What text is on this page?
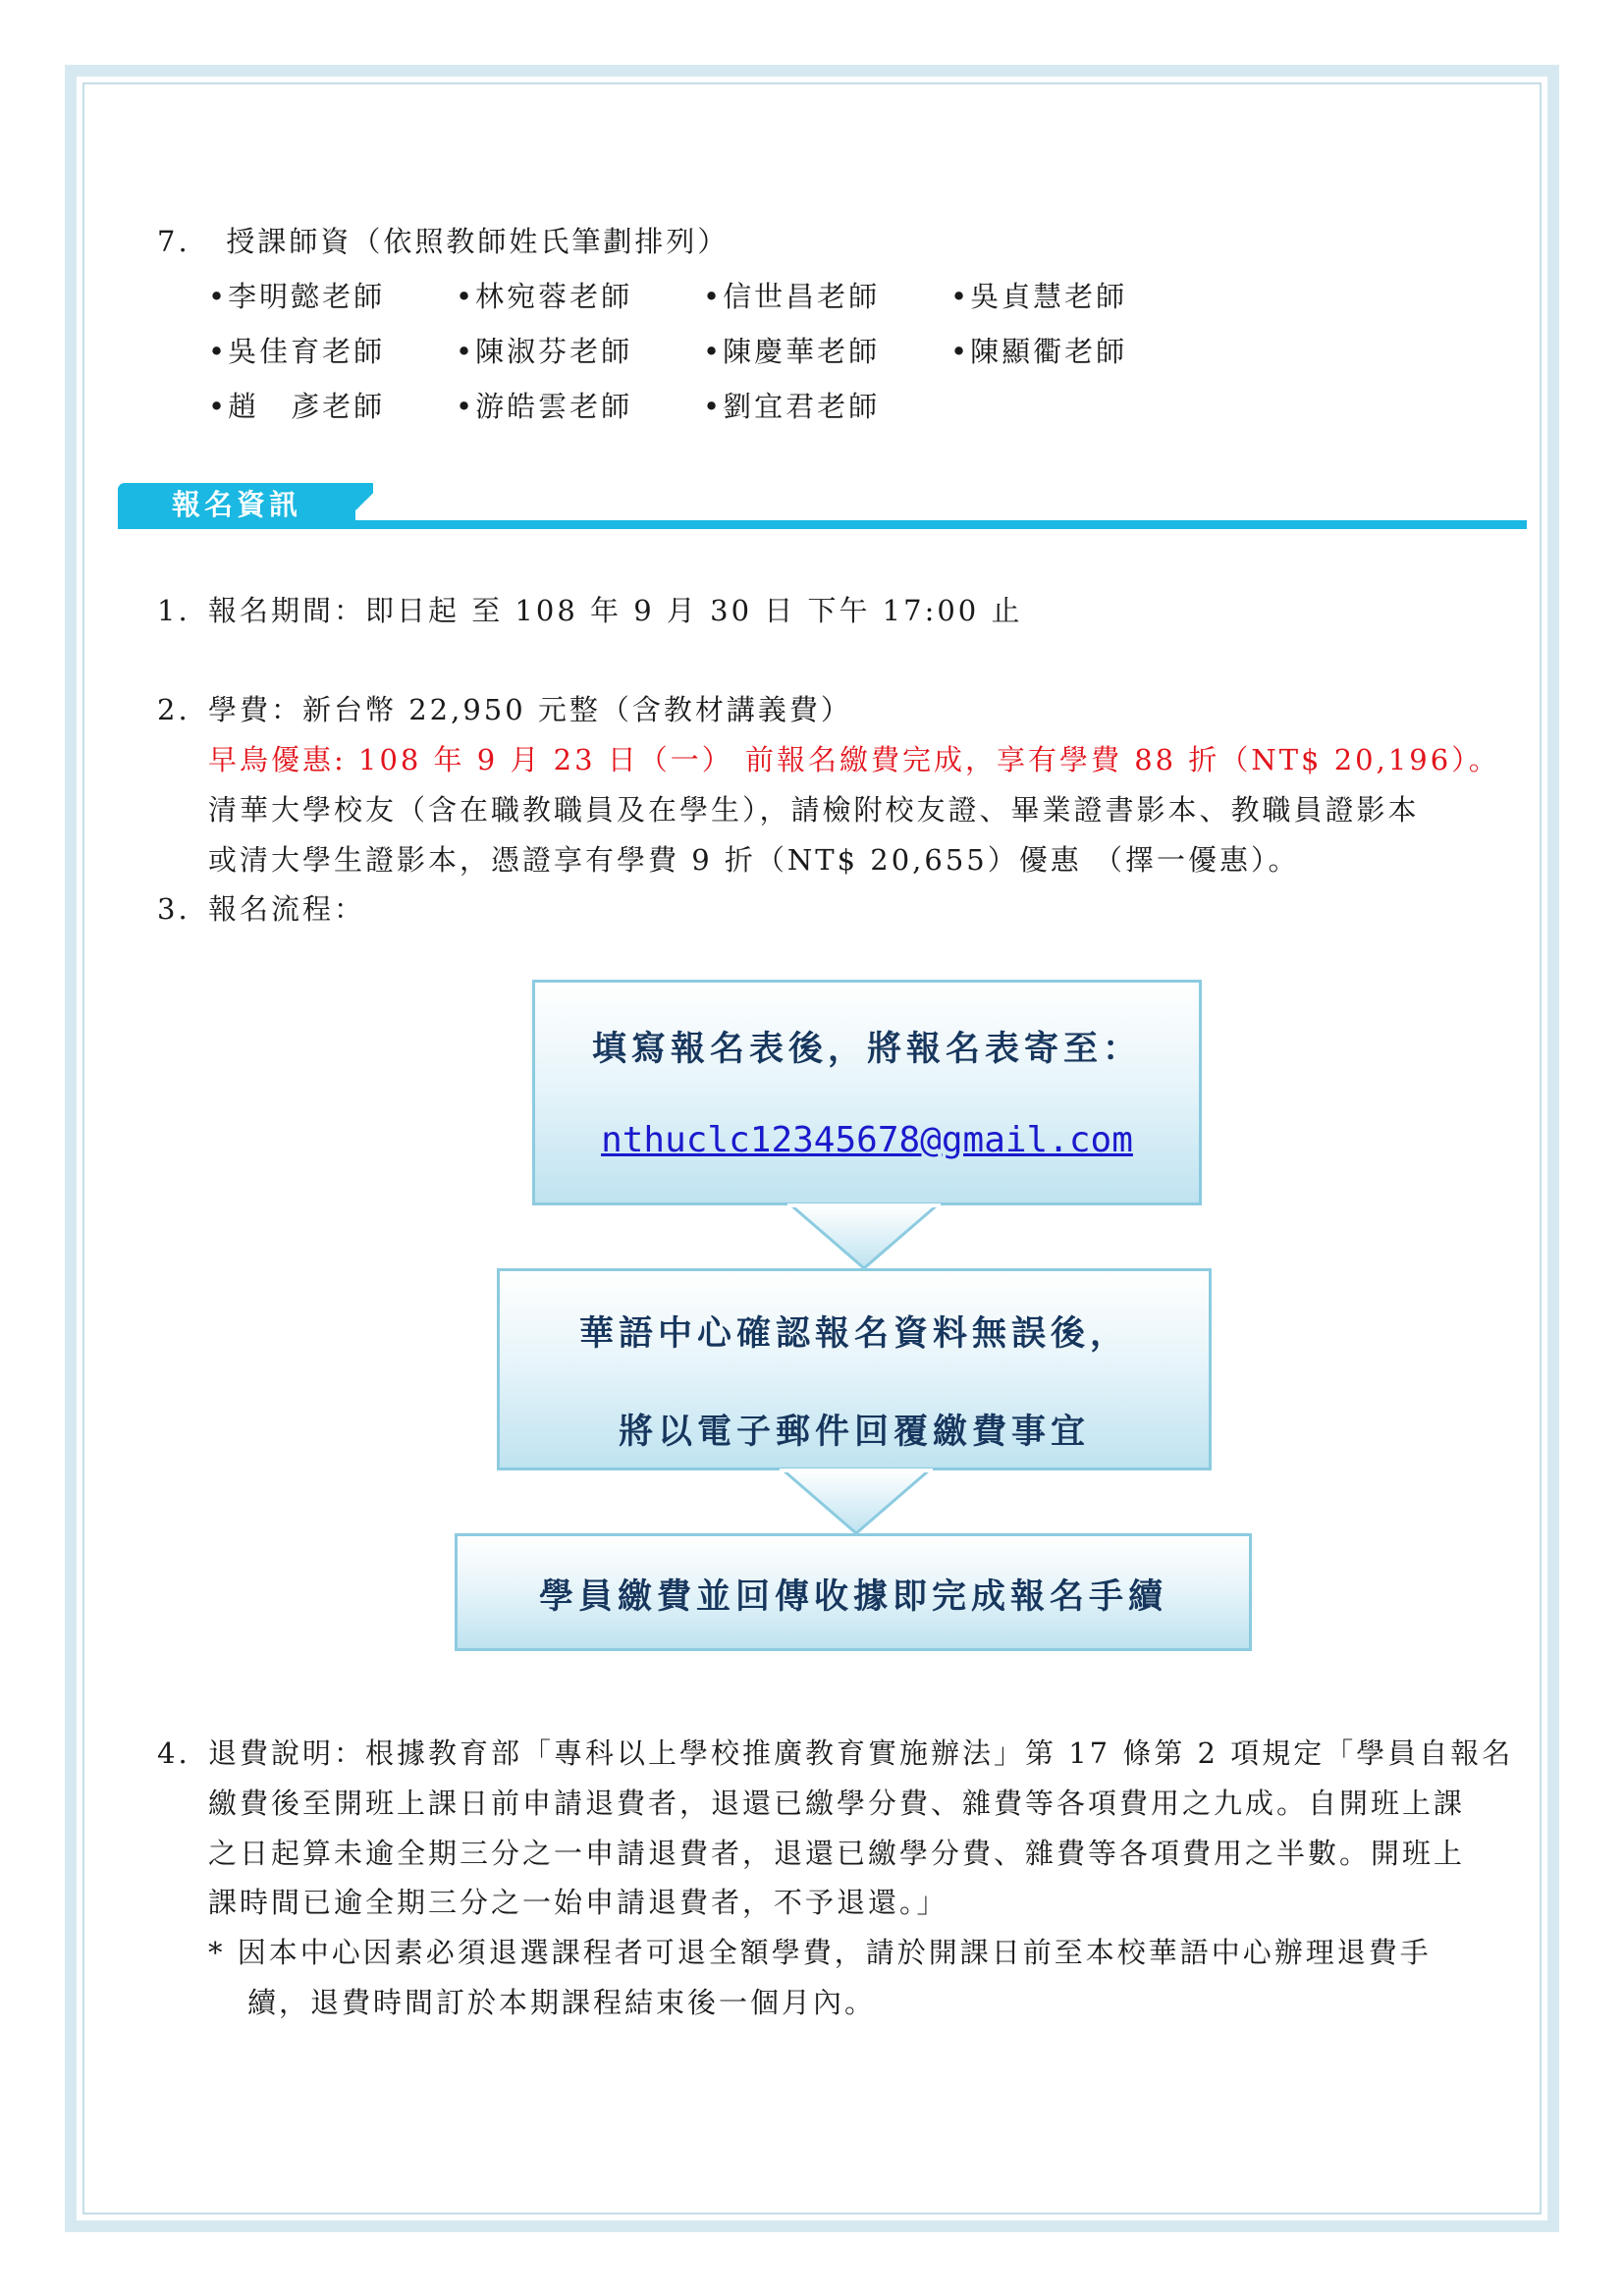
7.   授課師資（依照教師姓氏筆劃排列）
•李明懿老師 •林宛蓉老師 •信世昌老師 •吳貞慧老師
•吳佳育老師 •陳淑芬老師 •陳慶華老師 •陳顯衢老師
•趙　彥老師 •游皓雲老師 •劉宜君老師
報名資訊
1. 報名期間：即日起 至 108 年 9 月 30 日 下午 17:00 止
2. 學費：新台幣 22,950 元整（含教材講義費）
早鳥優惠: 108 年 9 月 23 日（一） 前報名繳費完成，享有學費 88 折（NT$ 20,196）。
清華大學校友（含在職教職員及在學生），請檢附校友證、畢業證書影本、教職員證影本
或清大學生證影本，憑證享有學費 9 折（NT$ 20,655）優惠 （擇一優惠）。
3. 報名流程：
填寫報名表後，將報名表寄至：
nthuclc12345678@gmail.com
華語中心確認報名資料無誤後，
將以電子郵件回覆繳費事宜
學員繳費並回傳收據即完成報名手續
4. 退費說明：根據教育部「專科以上學校推廣教育實施辦法」第 17 條第 2 項規定「學員自報名
繳費後至開班上課日前申請退費者，退還已繳學分費、雜費等各項費用之九成。自開班上課
之日起算未逾全期三分之一申請退費者，退還已繳學分費、雜費等各項費用之半數。開班上
課時間已逾全期三分之一始申請退費者，不予退還。」
* 因本中心因素必須退選課程者可退全額學費，請於開課日前至本校華語中心辦理退費手
續，退費時間訂於本期課程結束後一個月內。
